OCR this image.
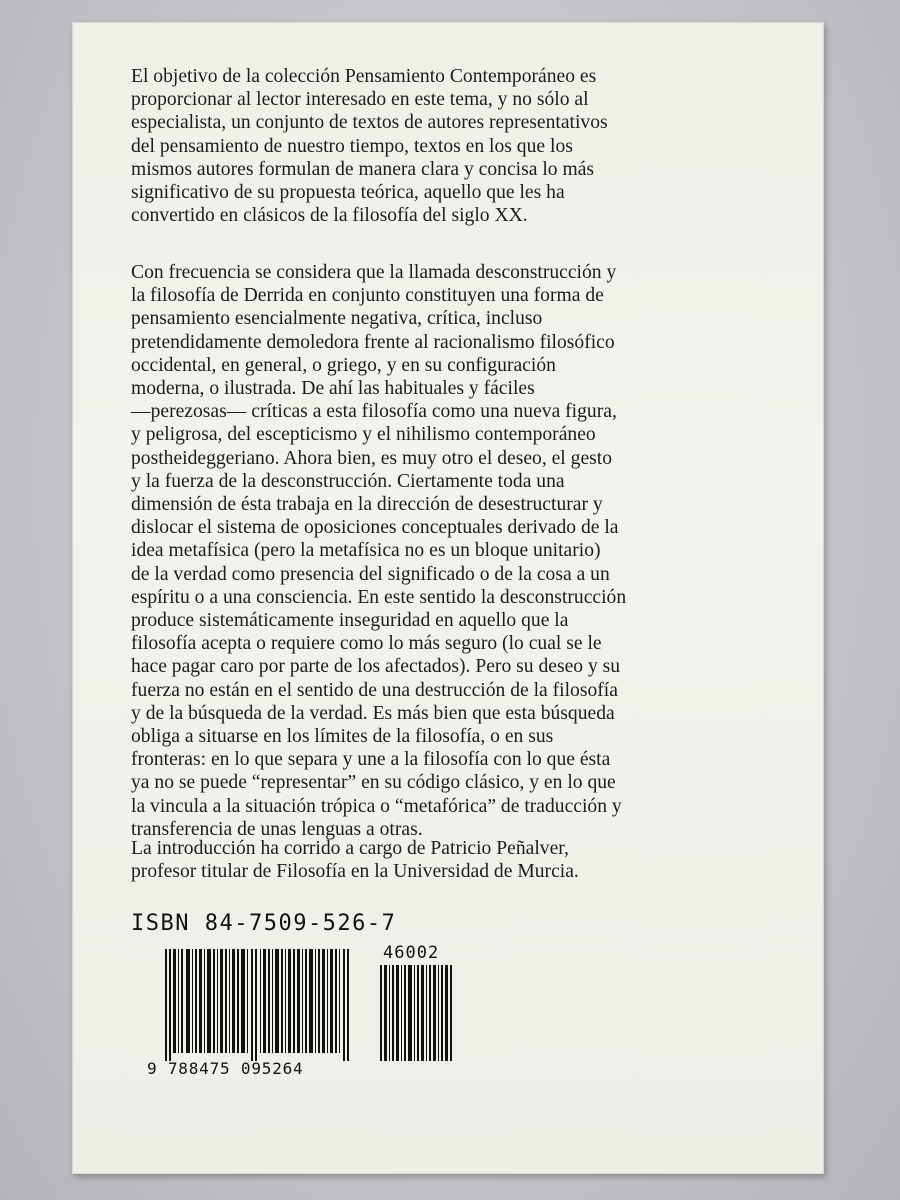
El objetivo de la colección Pensamiento Contemporáneo es
proporcionar al lector interesado en este tema, y no sólo al
especialista, un conjunto de textos de autores representativos
del pensamiento de nuestro tiempo, textos en los que los
mismos autores formulan de manera clara y concisa lo más
significativo de su propuesta teórica, aquello que les ha
convertido en clásicos de la filosofía del siglo XX.

Con frecuencia se considera que la llamada desconstrucción y
la filosofía de Derrida en conjunto constituyen una forma de
pensamiento esencialmente negativa, crítica, incluso
pretendidamente demoledora frente al racionalismo filosófico
occidental, en general, o griego, y en su configuración
moderna, o ilustrada. De ahí las habituales y fáciles
—perezosas— críticas a esta filosofía como una nueva figura,
y peligrosa, del escepticismo y el nihilismo contemporáneo
postheideggeriano. Ahora bien, es muy otro el deseo, el gesto
y la fuerza de la desconstrucción. Ciertamente toda una
dimensión de ésta trabaja en la dirección de desestructurar y
dislocar el sistema de oposiciones conceptuales derivado de la
idea metafísica (pero la metafísica no es un bloque unitario)
de la verdad como presencia del significado o de la cosa a un
espíritu o a una consciencia. En este sentido la desconstrucción
produce sistemáticamente inseguridad en aquello que la
filosofía acepta o requiere como lo más seguro (lo cual se le
hace pagar caro por parte de los afectados). Pero su deseo y su
fuerza no están en el sentido de una destrucción de la filosofía
y de la búsqueda de la verdad. Es más bien que esta búsqueda
obliga a situarse en los límites de la filosofía, o en sus
fronteras: en lo que separa y une a la filosofía con lo que ésta
ya no se puede “representar” en su código clásico, y en lo que
la vincula a la situación trópica o “metafórica” de traducción y
transferencia de unas lenguas a otras.

La introducción ha corrido a cargo de Patricio Peñalver,
profesor titular de Filosofía en la Universidad de Murcia.

ISBN 84-7509-526-7
46002
9 788475 095264
